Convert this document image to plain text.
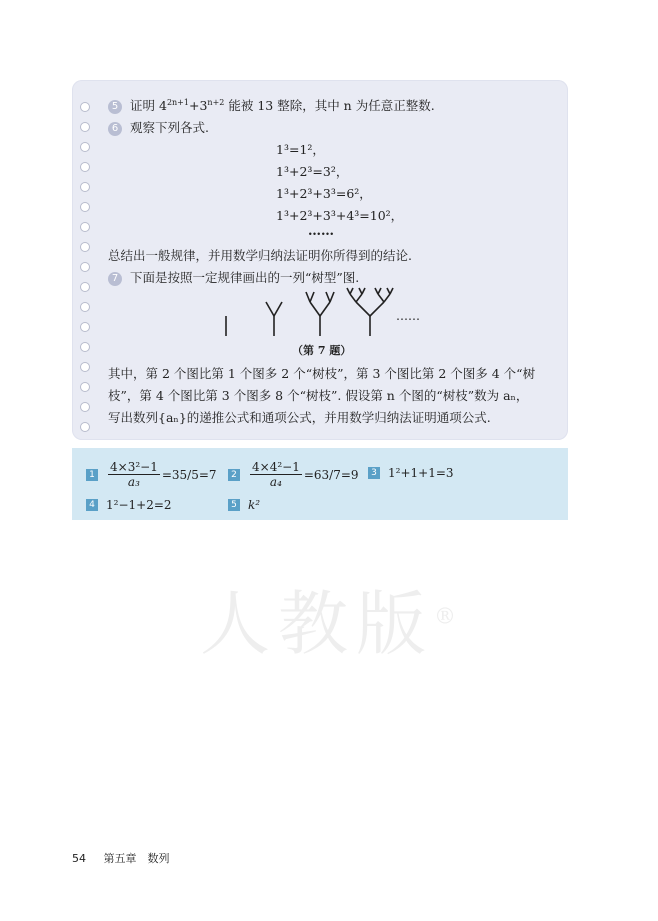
5 证明 $4^{2n+1}+3^{n+2}$ 能被 13 整除，其中 n 为任意正整数.
6 观察下列各式.
1³=1²，
1³+2³=3²，
1³+2³+3³=6²，
1³+2³+3³+4³=10²，
……
总结出一般规律，并用数学归纳法证明你所得到的结论.
7 下面是按照一定规律画出的一列“树型”图.
……
（第 7 题）
其中，第 2 个图比第 1 个图多 2 个“树枝”，第 3 个图比第 2 个图多 4 个“树
枝”，第 4 个图比第 3 个图多 8 个“树枝”. 假设第 n 个图的“树枝”数为 aₙ，
写出数列{aₙ}的递推公式和通项公式，并用数学归纳法证明通项公式.
$1 \frac{\text{4×3²−1}}{\text{a₃}} =35/5=7$	$2 \frac{\text{4×4²−1}}{\text{a₄}} =63/7=9$	3 1²+1+1=3
4 1²−1+2=2	5 k²
人教版®
54 第五章　数列
